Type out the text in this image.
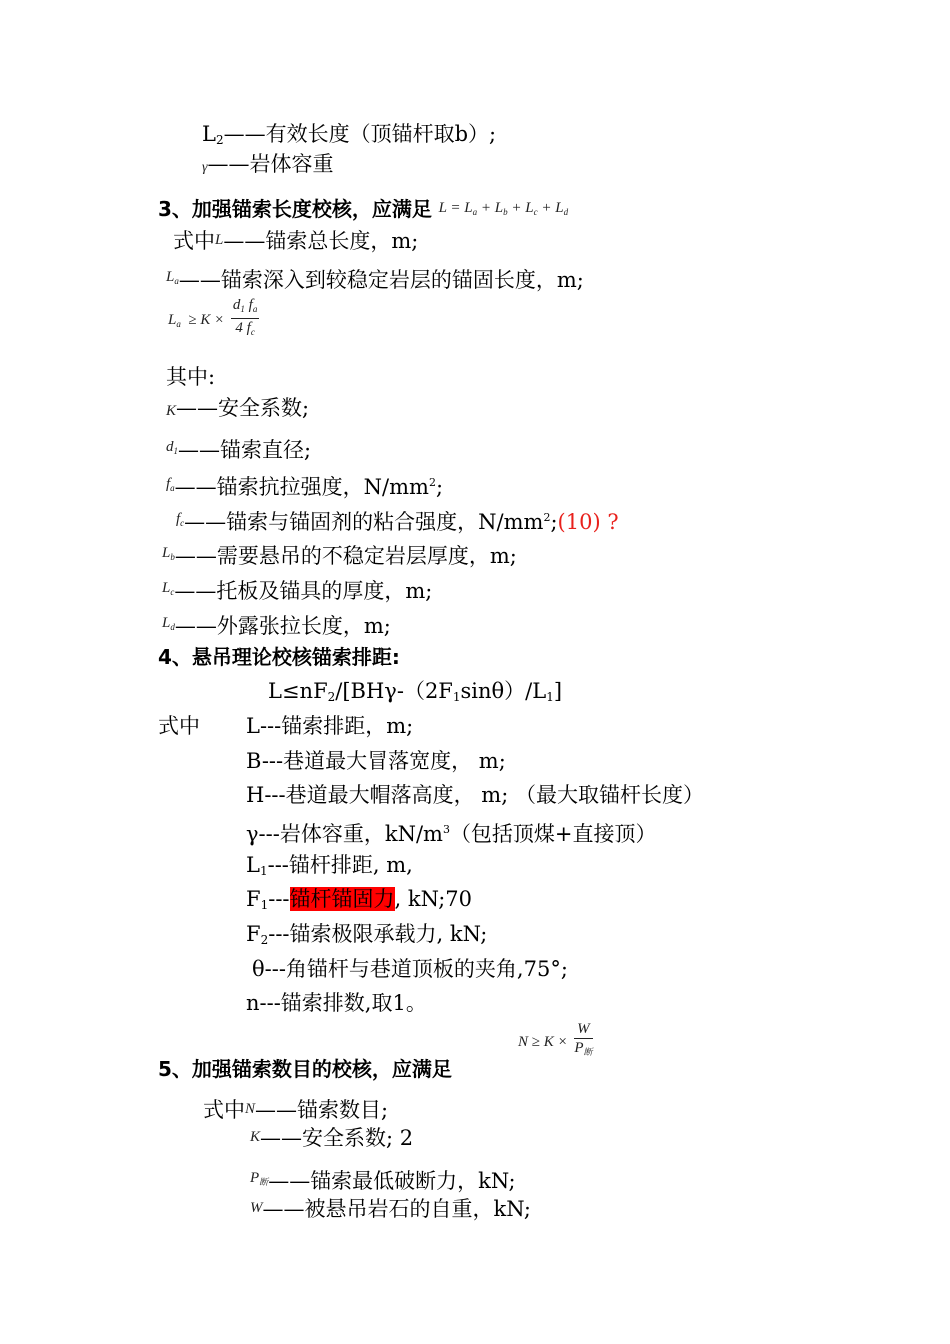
$L_2——$有效长度（顶锚杆取b）;
γ——岩体容重
3、加强锚索长度校核，应满足 $L = L_a + L_b + L_c + L_d$
式中L——锚索总长度，m;
$^{L_a}$——锚索深入到较稳定岩层的锚固长度，m;
$L_a \ge K \times \frac{d_1 f_a}{4 f_c}$
其中:
K——安全系数;
$^{d_1}$——锚索直径;
$^{f_a}$——锚索抗拉强度，$N/mm^2$;
$^{f_c}$——锚索与锚固剂的粘合强度，$N/mm^2;(10)$ ?
$^{L_b}$——需要悬吊的不稳定岩层厚度，m;
$^{L_c}$——托板及锚具的厚度，m;
$^{L_d}$——外露张拉长度，m;
4、悬吊理论校核锚索排距:
$L\le nF_2/[BH\gamma-(2F_1\sin\theta)/L_1]$
式中 L---锚索排距，m;
B---巷道最大冒落宽度， m;
H---巷道最大帽落高度， m; （最大取锚杆长度）
γ---岩体容重，$kN/m^3$（包括顶煤+直接顶）
$L_1---$锚杆排距, m,
$F_1---$锚杆锚固力, kN;70
$F_2---$锚索极限承载力, kN;
θ---角锚杆与巷道顶板的夹角,75°;
n---锚索排数,取1。
$N \ge K \times \frac{W}{P_断}$
5、加强锚索数目的校核，应满足
式中N——锚索数目;
K——安全系数; 2
$^{P_断}$——锚索最低破断力，kN;
W——被悬吊岩石的自重，kN;
